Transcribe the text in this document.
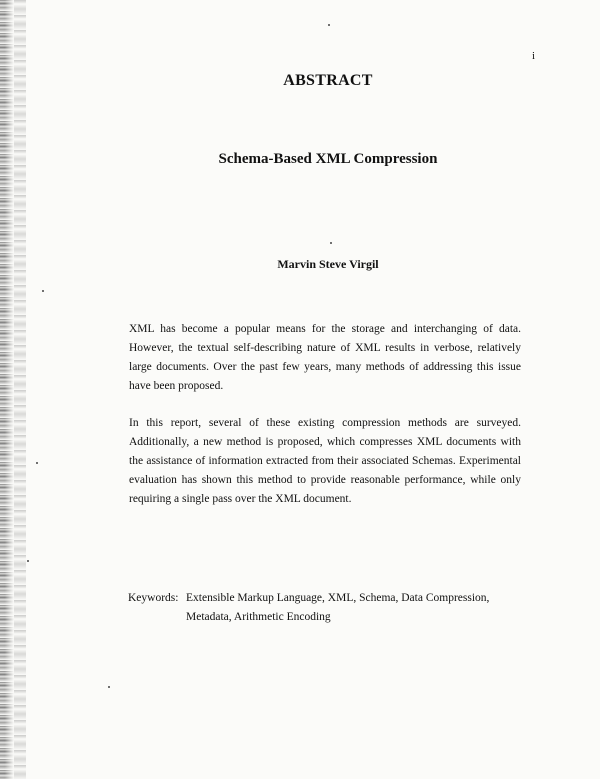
i
ABSTRACT
Schema-Based XML Compression
Marvin Steve Virgil

XML has become a popular means for the storage and interchanging of data. However, the textual self-describing nature of XML results in verbose, relatively large documents. Over the past few years, many methods of addressing this issue have been proposed.

In this report, several of these existing compression methods are surveyed. Additionally, a new method is proposed, which compresses XML documents with the assistance of information extracted from their associated Schemas. Experimental evaluation has shown this method to provide reasonable performance, while only requiring a single pass over the XML document.

Keywords: Extensible Markup Language, XML, Schema, Data Compression,
Metadata, Arithmetic Encoding
